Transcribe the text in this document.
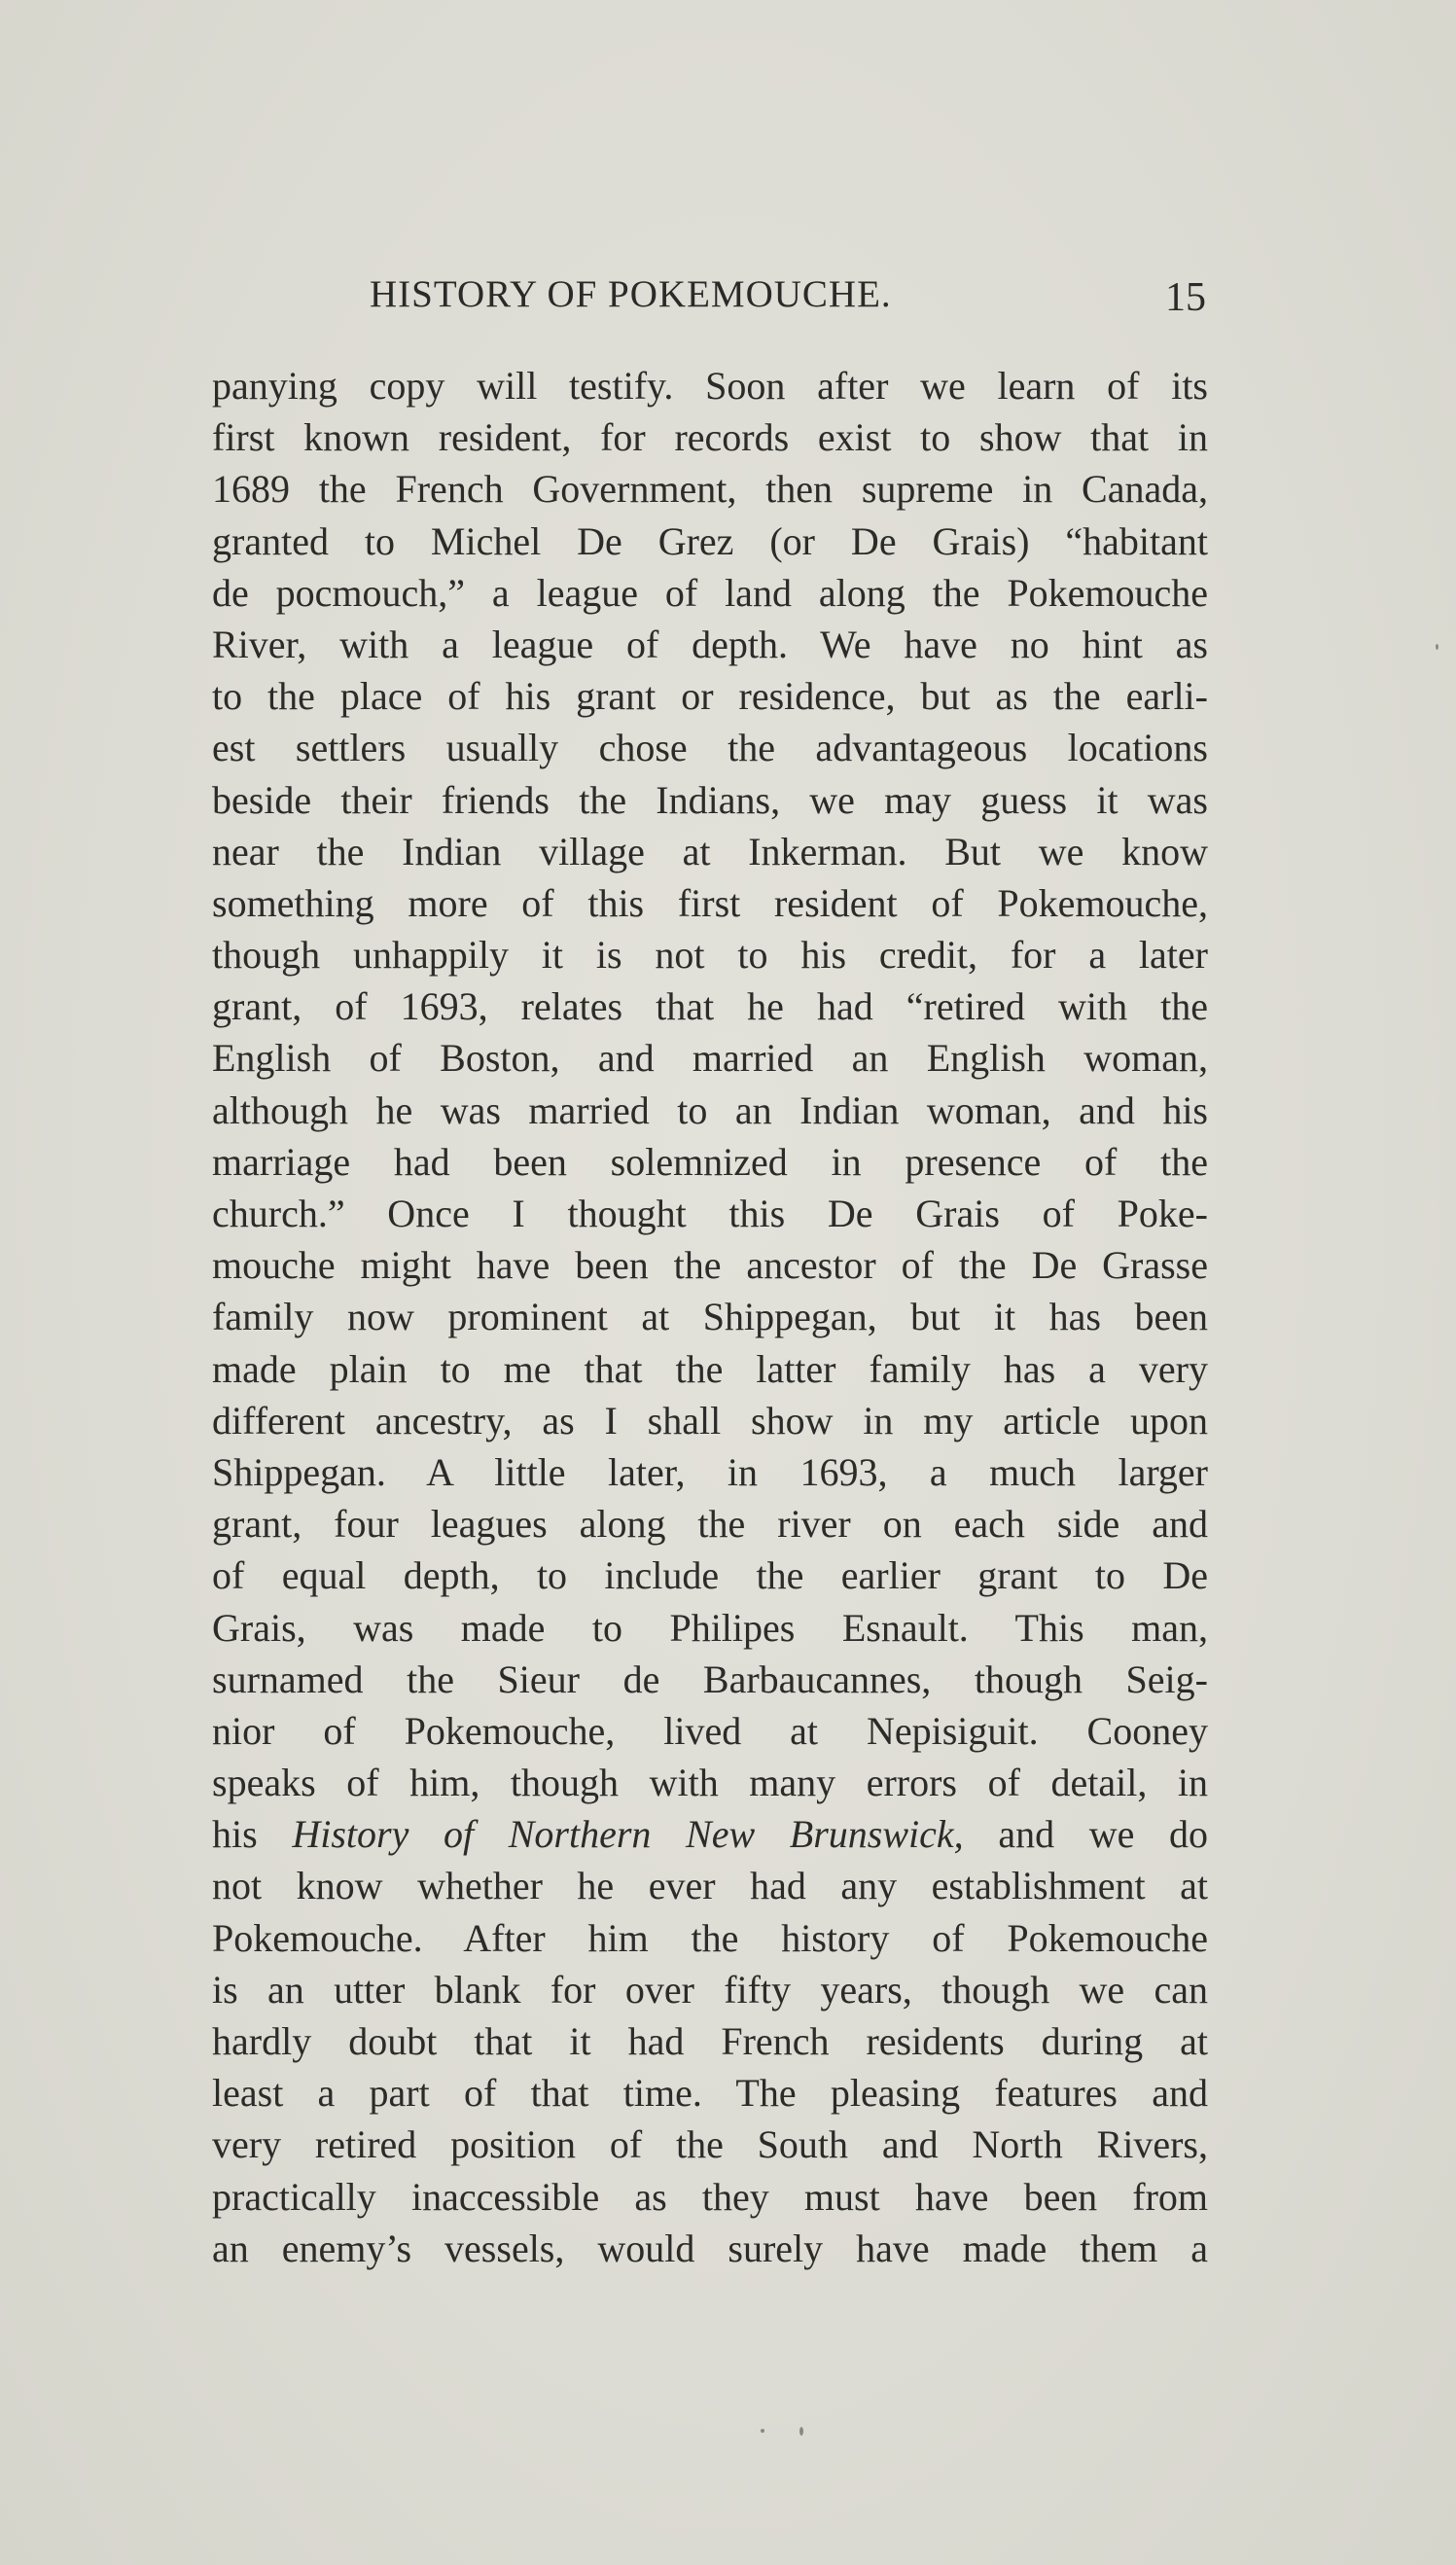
HISTORY OF POKEMOUCHE.	15
panying copy will testify. Soon after we learn of its
first known resident, for records exist to show that in
1689 the French Government, then supreme in Canada,
granted to Michel De Grez (or De Grais) “habitant
de pocmouch,” a league of land along the Pokemouche
River, with a league of depth. We have no hint as
to the place of his grant or residence, but as the earli-
est settlers usually chose the advantageous locations
beside their friends the Indians, we may guess it was
near the Indian village at Inkerman. But we know
something more of this first resident of Pokemouche,
though unhappily it is not to his credit, for a later
grant, of 1693, relates that he had “retired with the
English of Boston, and married an English woman,
although he was married to an Indian woman, and his
marriage had been solemnized in presence of the
church.” Once I thought this De Grais of Poke-
mouche might have been the ancestor of the De Grasse
family now prominent at Shippegan, but it has been
made plain to me that the latter family has a very
different ancestry, as I shall show in my article upon
Shippegan. A little later, in 1693, a much larger
grant, four leagues along the river on each side and
of equal depth, to include the earlier grant to De
Grais, was made to Philipes Esnault. This man,
surnamed the Sieur de Barbaucannes, though Seig-
nior of Pokemouche, lived at Nepisiguit. Cooney
speaks of him, though with many errors of detail, in
his History of Northern New Brunswick, and we do
not know whether he ever had any establishment at
Pokemouche. After him the history of Pokemouche
is an utter blank for over fifty years, though we can
hardly doubt that it had French residents during at
least a part of that time. The pleasing features and
very retired position of the South and North Rivers,
practically inaccessible as they must have been from
an enemy’s vessels, would surely have made them a
